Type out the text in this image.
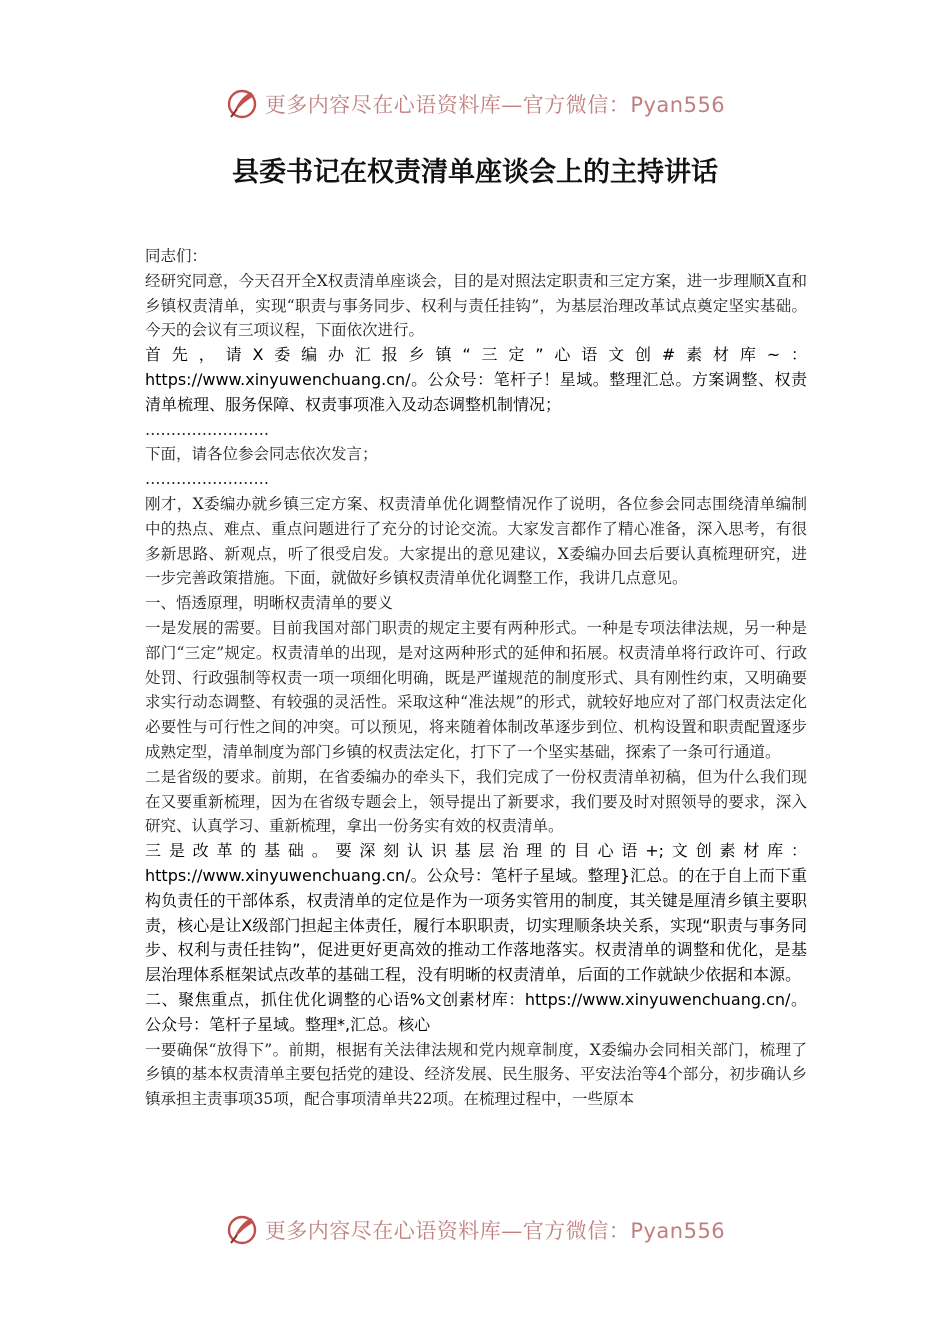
更多内容尽在心语资料库—官方微信：Pyan556
县委书记在权责清单座谈会上的主持讲话

同志们：

经研究同意，今天召开全X权责清单座谈会，目的是对照法定职责和三定方案，进一步理顺X直和乡镇权责清单，实现“职责与事务同步、权利与责任挂钩”，为基层治理改革试点奠定坚实基础。今天的会议有三项议程，下面依次进行。

首先，请X委编办汇报乡镇“三定”心语文创#素材库~：https://www.xinyuwenchuang.cn/。公众号：笔杆子！星域。整理汇总。方案调整、权责清单梳理、服务保障、权责事项准入及动态调整机制情况；

……………………

下面，请各位参会同志依次发言；

……………………

刚才，X委编办就乡镇三定方案、权责清单优化调整情况作了说明，各位参会同志围绕清单编制中的热点、难点、重点问题进行了充分的讨论交流。大家发言都作了精心准备，深入思考，有很多新思路、新观点，听了很受启发。大家提出的意见建议，X委编办回去后要认真梳理研究，进一步完善政策措施。下面，就做好乡镇权责清单优化调整工作，我讲几点意见。

一、悟透原理，明晰权责清单的要义

一是发展的需要。目前我国对部门职责的规定主要有两种形式。一种是专项法律法规，另一种是部门“三定”规定。权责清单的出现，是对这两种形式的延伸和拓展。权责清单将行政许可、行政处罚、行政强制等权责一项一项细化明确，既是严谨规范的制度形式、具有刚性约束，又明确要求实行动态调整、有较强的灵活性。采取这种“准法规”的形式，就较好地应对了部门权责法定化必要性与可行性之间的冲突。可以预见，将来随着体制改革逐步到位、机构设置和职责配置逐步成熟定型，清单制度为部门乡镇的权责法定化，打下了一个坚实基础，探索了一条可行通道。

二是省级的要求。前期，在省委编办的牵头下，我们完成了一份权责清单初稿，但为什么我们现在又要重新梳理，因为在省级专题会上，领导提出了新要求，我们要及时对照领导的要求，深入研究、认真学习、重新梳理，拿出一份务实有效的权责清单。

三是改革的基础。要深刻认识基层治理的目心语+;文创素材库：https://www.xinyuwenchuang.cn/。公众号：笔杆子星域。整理}汇总。的在于自上而下重构负责任的干部体系，权责清单的定位是作为一项务实管用的制度，其关键是厘清乡镇主要职责，核心是让X级部门担起主体责任，履行本职职责，切实理顺条块关系，实现“职责与事务同步、权利与责任挂钩”，促进更好更高效的推动工作落地落实。权责清单的调整和优化，是基层治理体系框架试点改革的基础工程，没有明晰的权责清单，后面的工作就缺少依据和本源。

二、聚焦重点，抓住优化调整的心语%文创素材库：https://www.xinyuwenchuang.cn/。公众号：笔杆子星域。整理*,汇总。核心

一要确保“放得下”。前期，根据有关法律法规和党内规章制度，X委编办会同相关部门，梳理了乡镇的基本权责清单主要包括党的建设、经济发展、民生服务、平安法治等4个部分，初步确认乡镇承担主责事项35项，配合事项清单共22项。在梳理过程中，一些原本

更多内容尽在心语资料库—官方微信：Pyan556
